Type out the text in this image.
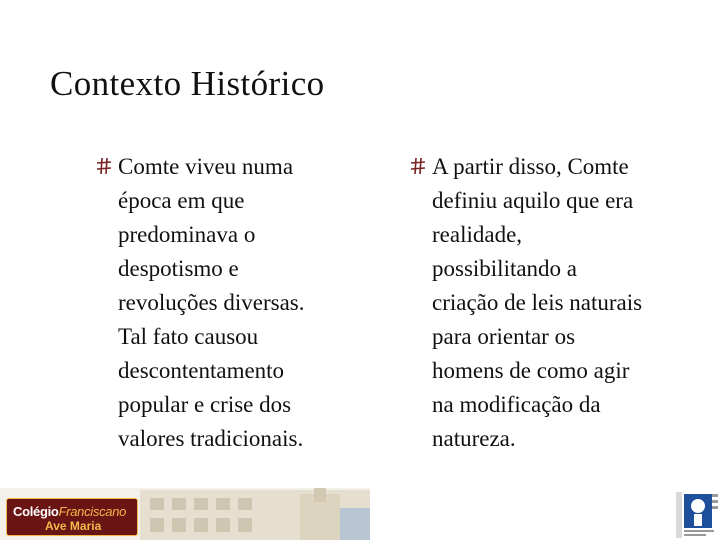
Contexto Histórico
Comte viveu numa
época em que
predominava o
despotismo e
revoluções diversas.
Tal fato causou
descontentamento
popular e crise dos
valores tradicionais.
A partir disso, Comte
definiu aquilo que era
realidade,
possibilitando a
criação de leis naturais
para orientar os
homens de como agir
na modificação da
natureza.
ColégioFranciscano
Ave Maria
